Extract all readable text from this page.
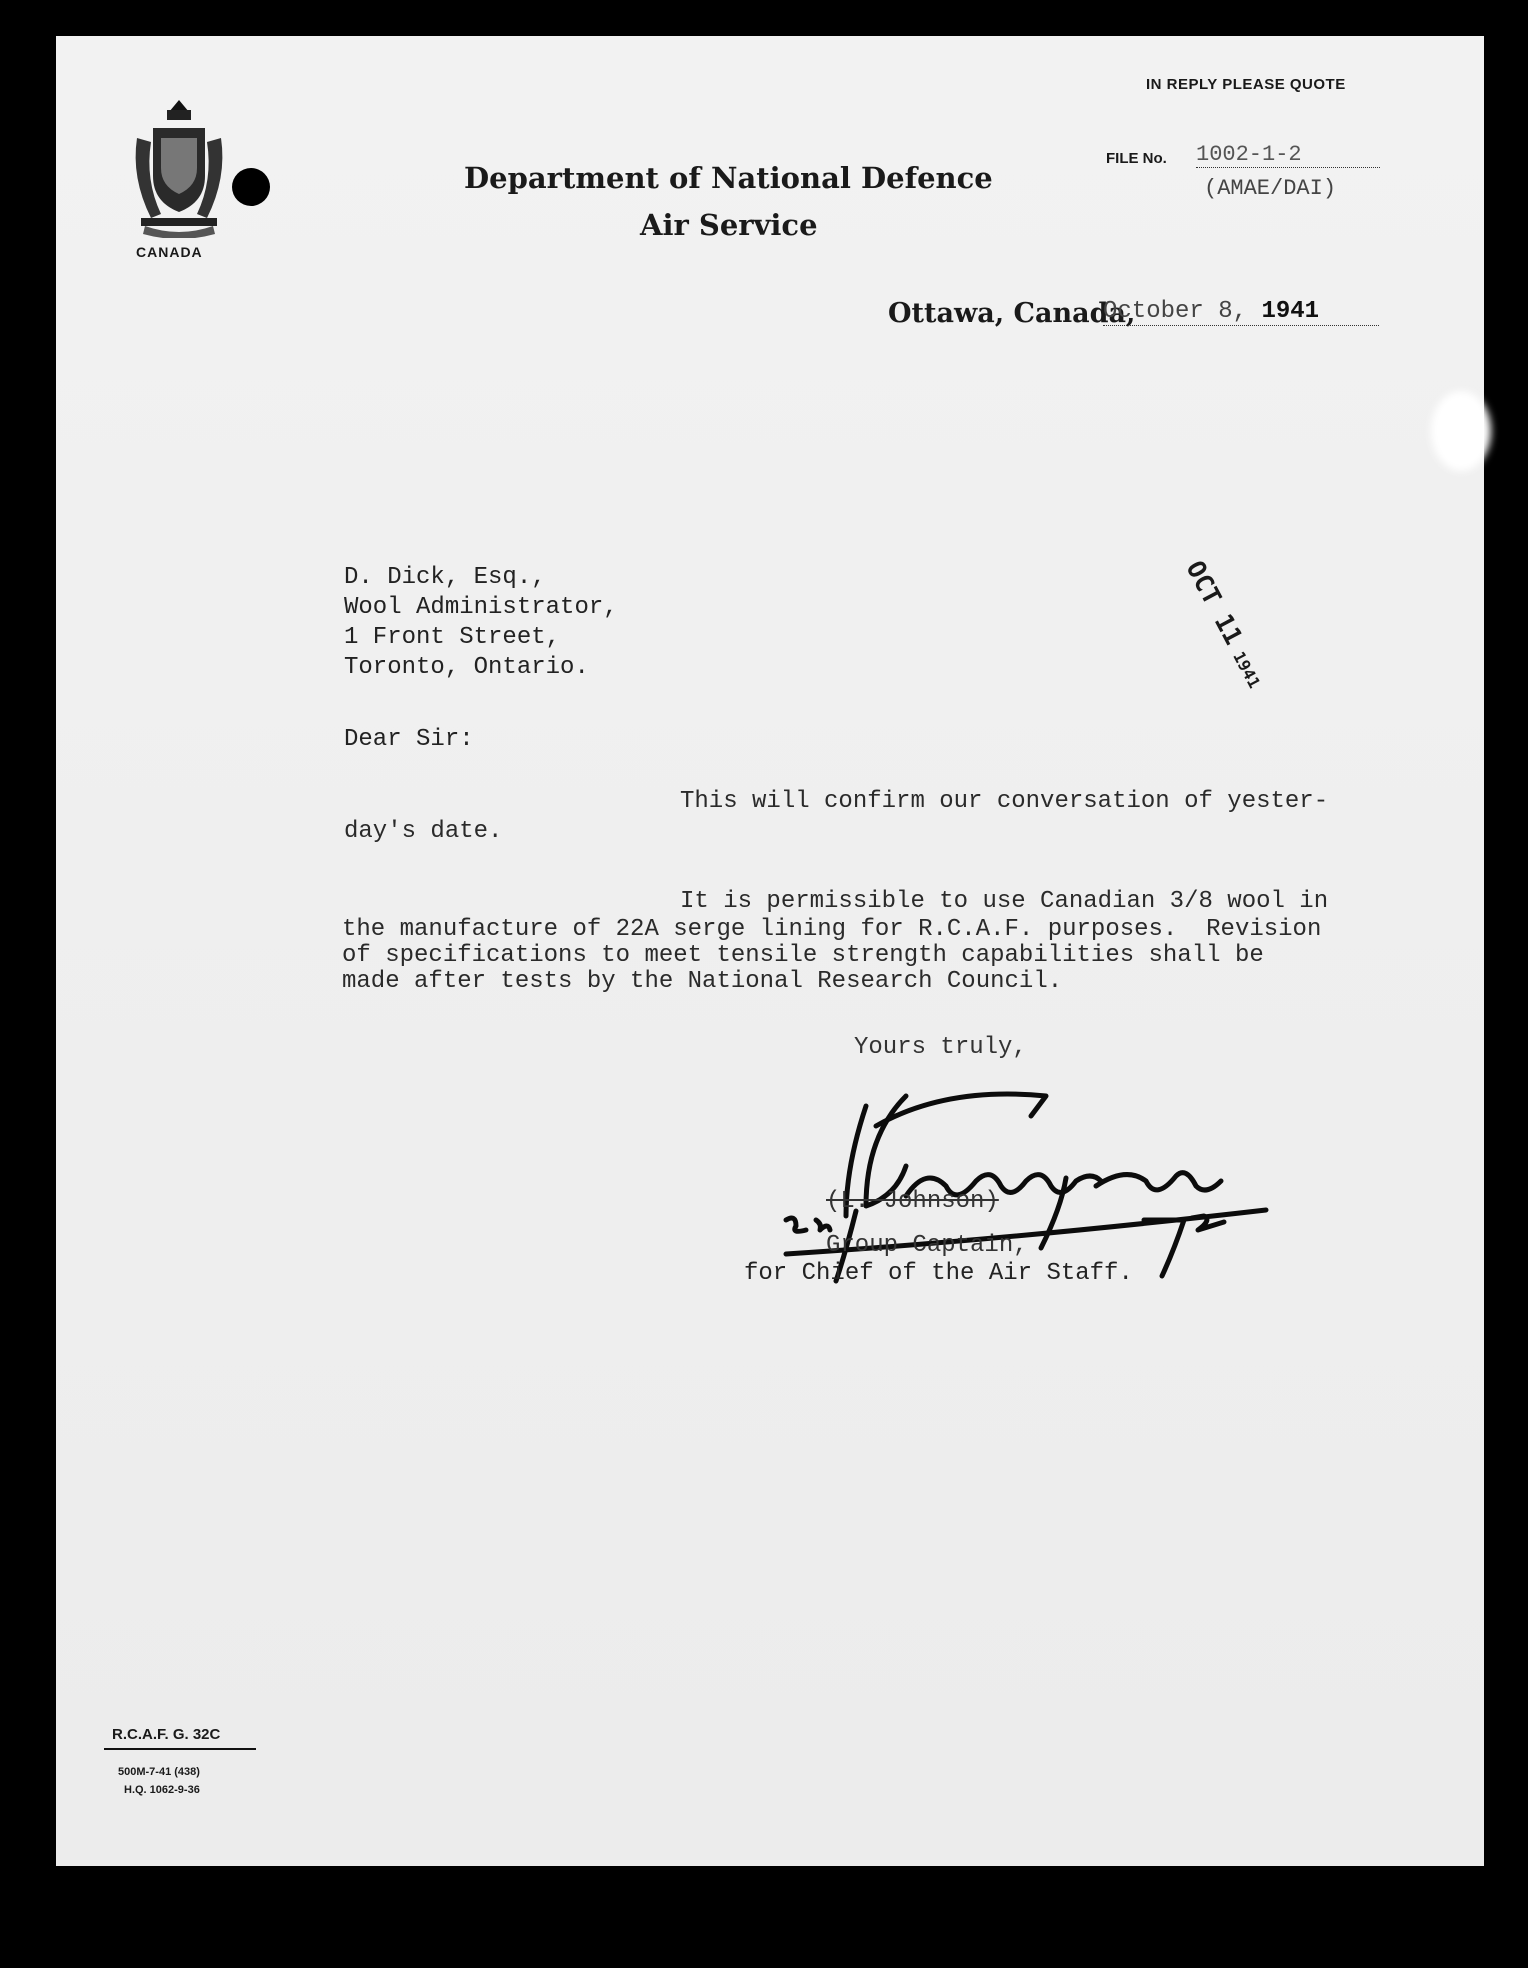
IN REPLY PLEASE QUOTE
CANADA
Department of National Defence
Air Service
FILE No. 1002-1-2
(AMAE/DAI)
Ottawa, Canada,
October 8, 1941
OCT 111941
D. Dick, Esq.,
Wool Administrator,
1 Front Street,
Toronto, Ontario.
Dear Sir:
This will confirm our conversation of yester-
day's date.
It is permissible to use Canadian 3/8 wool in
the manufacture of 22A serge lining for R.C.A.F. purposes.  Revision
of specifications to meet tensile strength capabilities shall be
made after tests by the National Research Council.
Yours truly,
(L. Johnson)
Group Captain,
for Chief of the Air Staff.
R.C.A.F. G. 32C
500M-7-41 (438)
H.Q. 1062-9-36
